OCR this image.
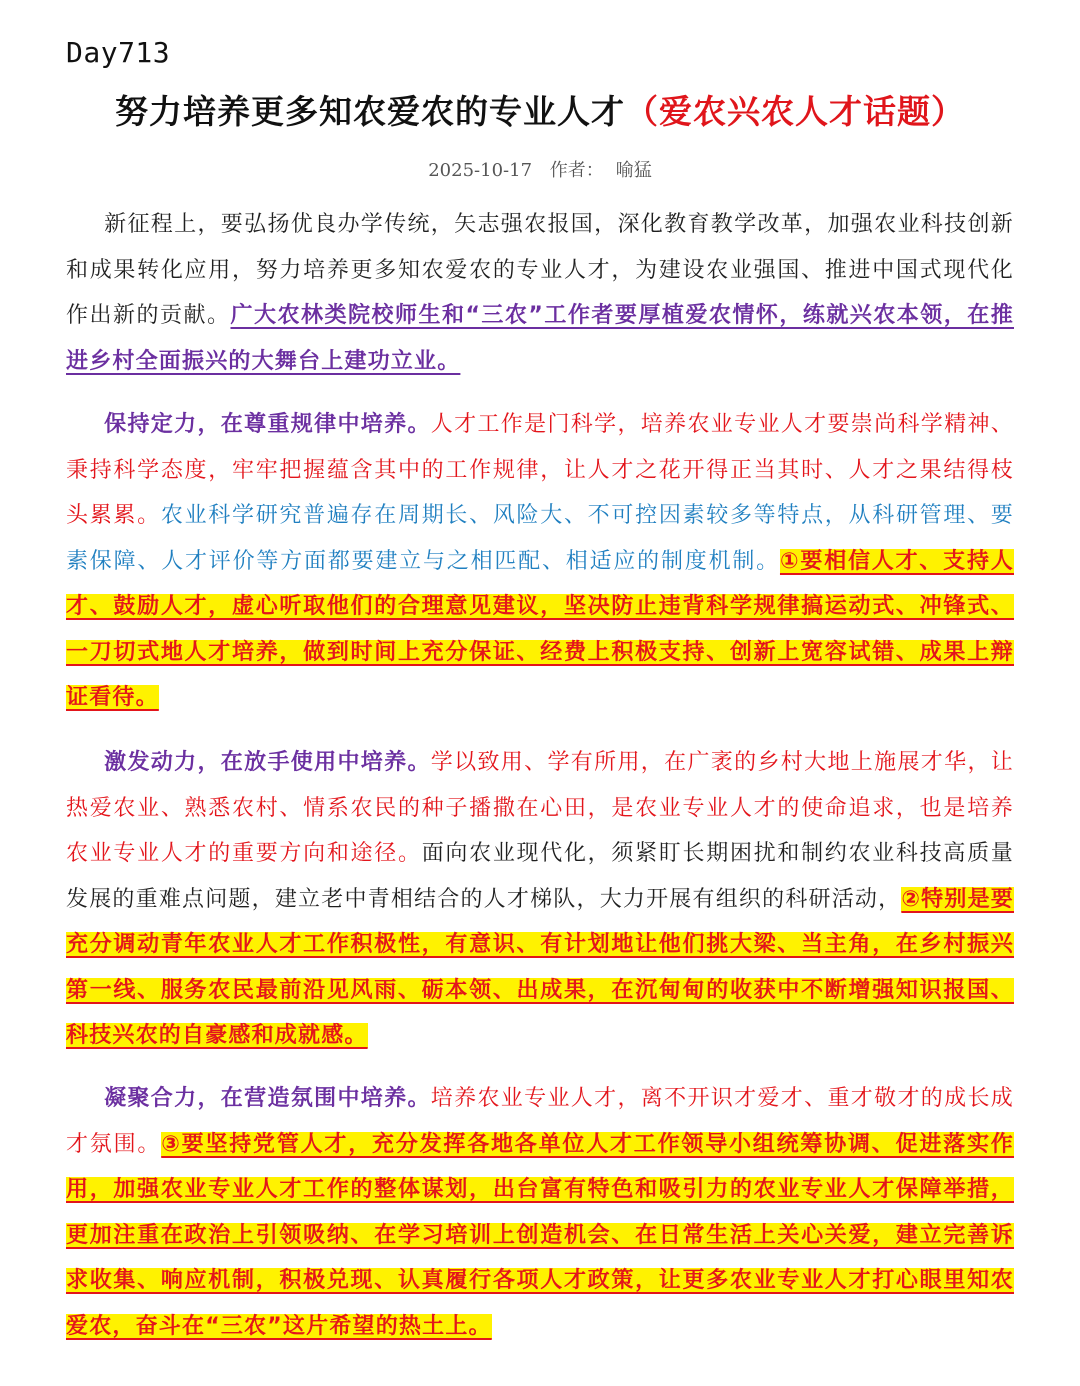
Day713
努力培养更多知农爱农的专业人才（爱农兴农人才话题）
2025-10-17 作者： 喻猛
新征程上，要弘扬优良办学传统，矢志强农报国，深化教育教学改革，加强农业科技创新和成果转化应用，努力培养更多知农爱农的专业人才，为建设农业强国、推进中国式现代化作出新的贡献。广大农林类院校师生和“三农”工作者要厚植爱农情怀，练就兴农本领，在推进乡村全面振兴的大舞台上建功立业。
保持定力，在尊重规律中培养。人才工作是门科学，培养农业专业人才要崇尚科学精神、秉持科学态度，牢牢把握蕴含其中的工作规律，让人才之花开得正当其时、人才之果结得枝头累累。农业科学研究普遍存在周期长、风险大、不可控因素较多等特点，从科研管理、要素保障、人才评价等方面都要建立与之相匹配、相适应的制度机制。①要相信人才、支持人才、鼓励人才，虚心听取他们的合理意见建议，坚决防止违背科学规律搞运动式、冲锋式、一刀切式地人才培养，做到时间上充分保证、经费上积极支持、创新上宽容试错、成果上辩证看待。
激发动力，在放手使用中培养。学以致用、学有所用，在广袤的乡村大地上施展才华，让热爱农业、熟悉农村、情系农民的种子播撒在心田，是农业专业人才的使命追求，也是培养农业专业人才的重要方向和途径。面向农业现代化，须紧盯长期困扰和制约农业科技高质量发展的重难点问题，建立老中青相结合的人才梯队，大力开展有组织的科研活动，②特别是要充分调动青年农业人才工作积极性，有意识、有计划地让他们挑大梁、当主角，在乡村振兴第一线、服务农民最前沿见风雨、砺本领、出成果，在沉甸甸的收获中不断增强知识报国、科技兴农的自豪感和成就感。
凝聚合力，在营造氛围中培养。培养农业专业人才，离不开识才爱才、重才敬才的成长成才氛围。③要坚持党管人才，充分发挥各地各单位人才工作领导小组统筹协调、促进落实作用，加强农业专业人才工作的整体谋划，出台富有特色和吸引力的农业专业人才保障举措，更加注重在政治上引领吸纳、在学习培训上创造机会、在日常生活上关心关爱，建立完善诉求收集、响应机制，积极兑现、认真履行各项人才政策，让更多农业专业人才打心眼里知农爱农，奋斗在“三农”这片希望的热土上。
